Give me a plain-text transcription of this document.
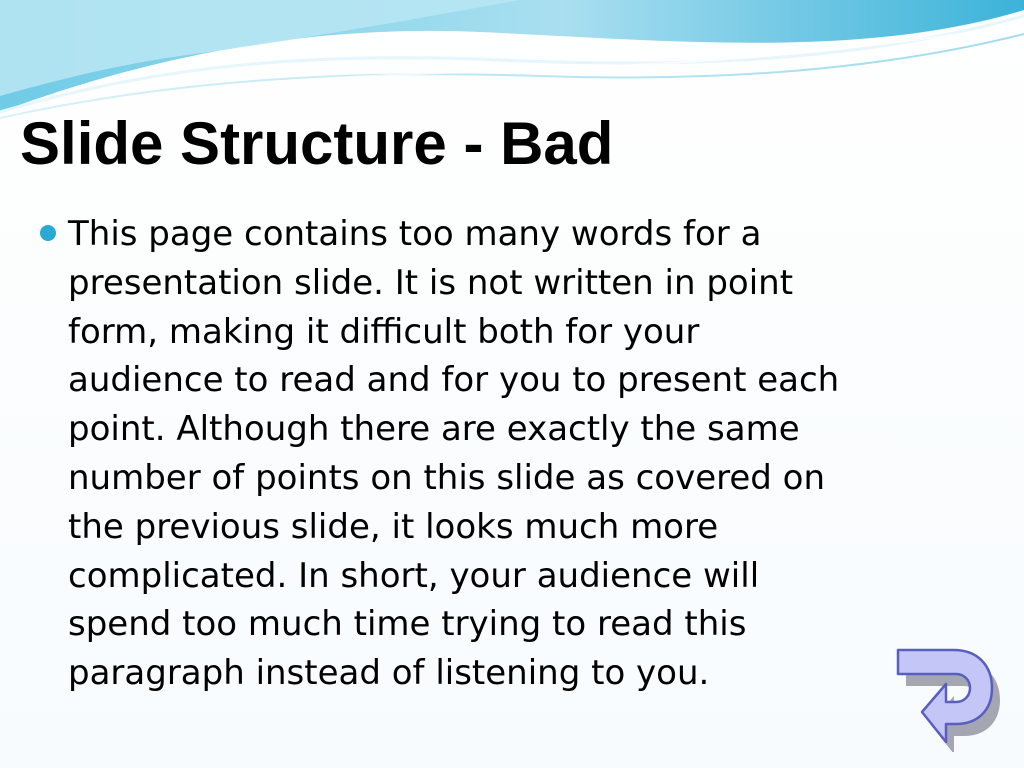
Slide Structure - Bad
This page contains too many words for a
presentation slide. It is not written in point
form, making it difficult both for your
audience to read and for you to present each
point. Although there are exactly the same
number of points on this slide as covered on
the previous slide, it looks much more
complicated. In short, your audience will
spend too much time trying to read this
paragraph instead of listening to you.
